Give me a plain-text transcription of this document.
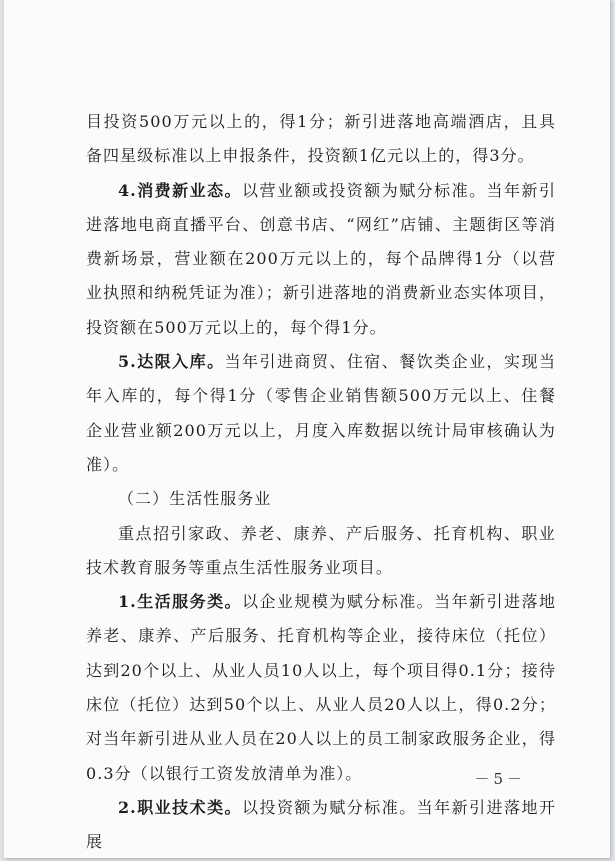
目投资500万元以上的，得1分；新引进落地高端酒店，且具备四星级标准以上申报条件，投资额1亿元以上的，得3分。

4.消费新业态。以营业额或投资额为赋分标准。当年新引进落地电商直播平台、创意书店、“网红”店铺、主题街区等消费新场景，营业额在200万元以上的，每个品牌得1分（以营业执照和纳税凭证为准）；新引进落地的消费新业态实体项目，投资额在500万元以上的，每个得1分。

5.达限入库。当年引进商贸、住宿、餐饮类企业，实现当年入库的，每个得1分（零售企业销售额500万元以上、住餐企业营业额200万元以上，月度入库数据以统计局审核确认为准）。

（二）生活性服务业

重点招引家政、养老、康养、产后服务、托育机构、职业技术教育服务等重点生活性服务业项目。

1.生活服务类。以企业规模为赋分标准。当年新引进落地养老、康养、产后服务、托育机构等企业，接待床位（托位）达到20个以上、从业人员10人以上，每个项目得0.1分；接待床位（托位）达到50个以上、从业人员20人以上，得0.2分；对当年新引进从业人员在20人以上的员工制家政服务企业，得0.3分（以银行工资发放清单为准）。

2.职业技术类。以投资额为赋分标准。当年新引进落地开展

－5－
